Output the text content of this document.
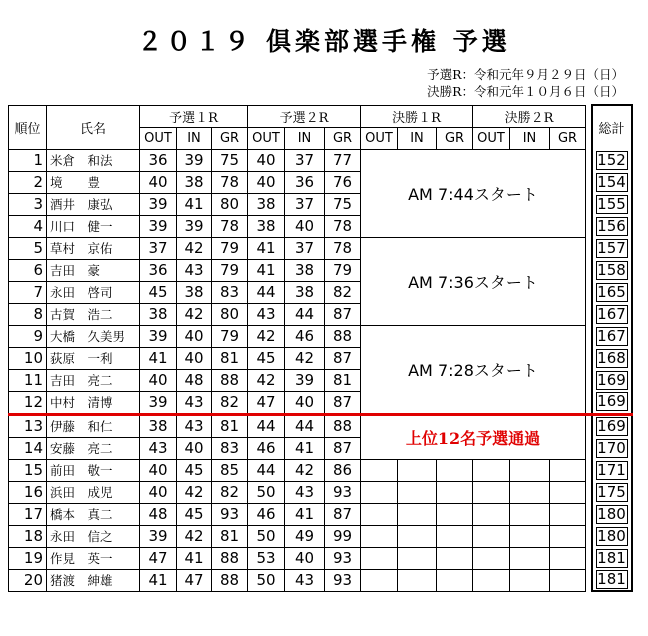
２０１９ 倶楽部選手権 予選
予選R：令和元年９月２９日（日）
決勝R：令和元年１０月６日（日）
順位	氏名	予選１R			予選２R			決勝１R			決勝２R				総計
		OUT	IN	GR	OUT	IN	GR	OUT	IN	GR	OUT	IN	GR		
1	米倉　和法	36	39	75	40	37	77	AM 7:44スタート							152

2	境　　豊	40	38	78	40	36	76								154

3	酒井　康弘	39	41	80	38	37	75								155

4	川口　健一	39	39	78	38	40	78								156

5	草村　京佑	37	42	79	41	37	78	AM 7:36スタート							157

6	吉田　豪	36	43	79	41	38	79								158

7	永田　啓司	45	38	83	44	38	82								165

8	古賀　浩二	38	42	80	43	44	87								167

9	大橋　久美男	39	40	79	42	46	88	AM 7:28スタート							167

10	荻原　一利	41	40	81	45	42	87								168

11	吉田　亮二	40	48	88	42	39	81								169

12	中村　清博	39	43	82	47	40	87								169

13	伊藤　和仁	38	43	81	44	44	88	上位12名予選通過							169

14	安藤　亮二	43	40	83	46	41	87								170

15	前田　敬一	40	45	85	44	42	86								171

16	浜田　成児	40	42	82	50	43	93								175

17	橋本　真二	48	45	93	46	41	87								180

18	永田　信之	39	42	81	50	49	99								180

19	作見　英一	47	41	88	53	40	93								181

20	猪渡　紳雄	41	47	88	50	43	93								181
